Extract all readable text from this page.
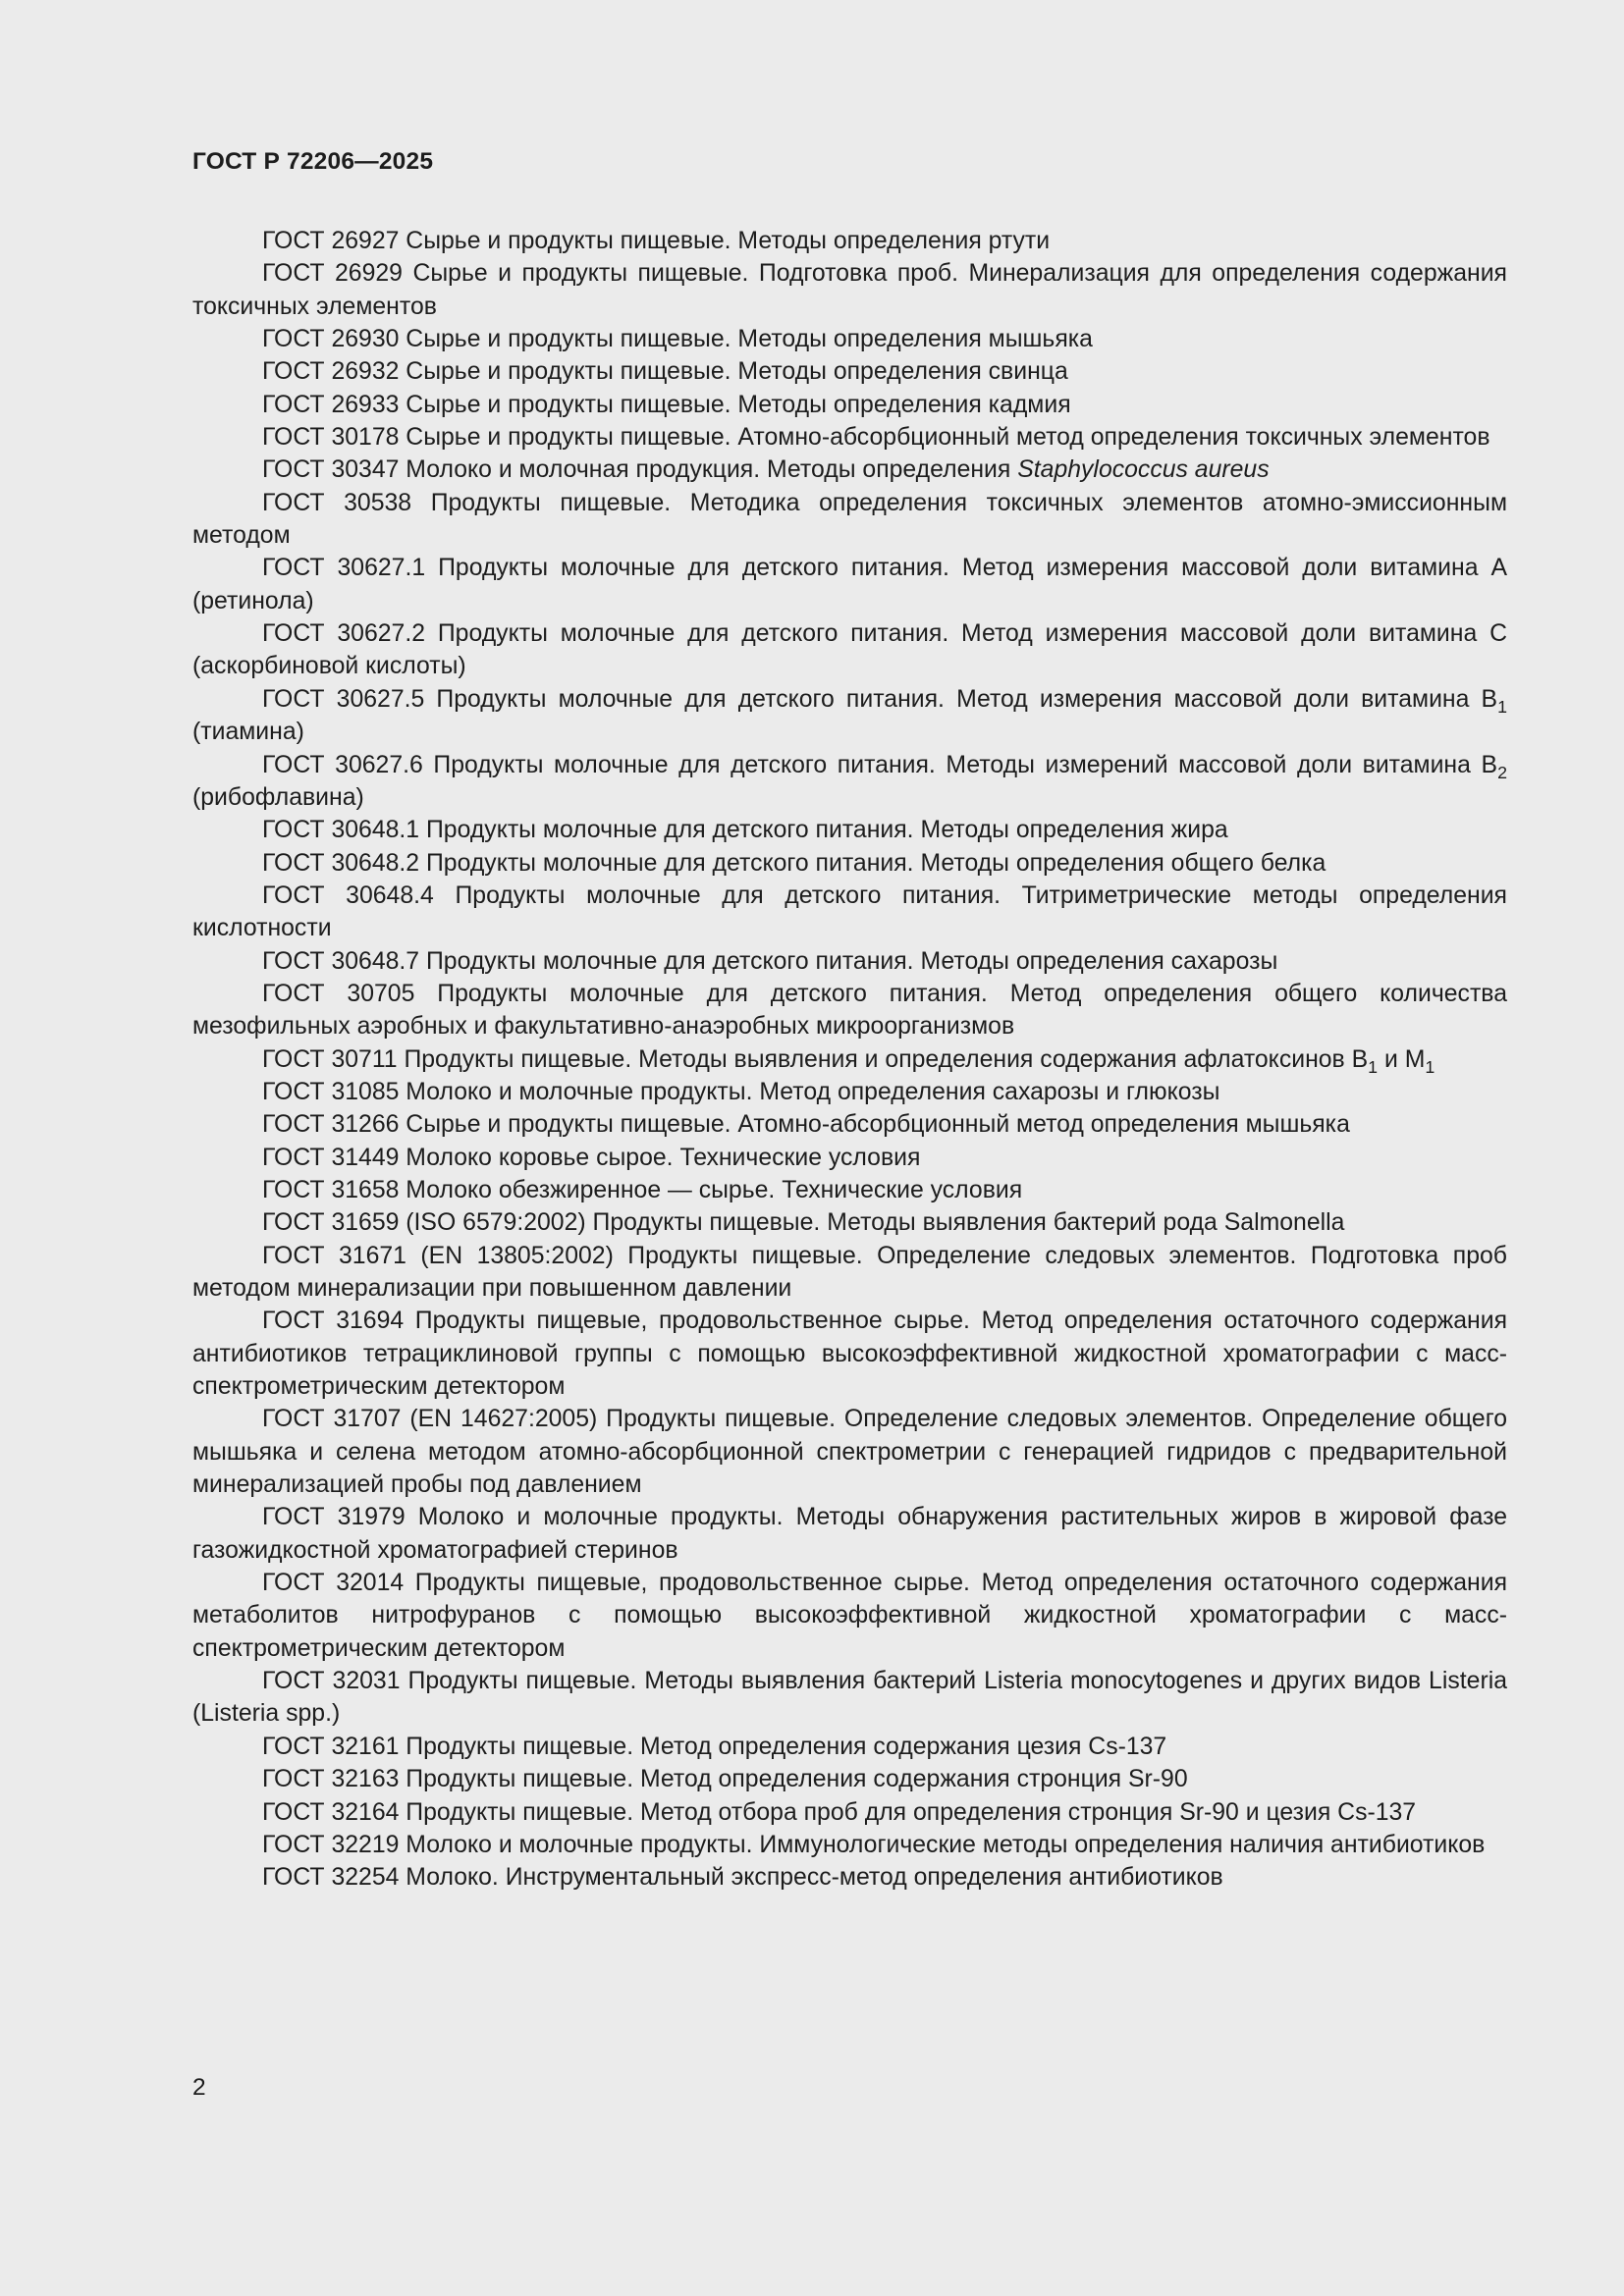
ГОСТ Р 72206—2025
ГОСТ 26927 Сырье и продукты пищевые. Методы определения ртути
ГОСТ 26929 Сырье и продукты пищевые. Подготовка проб. Минерализация для определения содержания токсичных элементов
ГОСТ 26930 Сырье и продукты пищевые. Методы определения мышьяка
ГОСТ 26932 Сырье и продукты пищевые. Методы определения свинца
ГОСТ 26933 Сырье и продукты пищевые. Методы определения кадмия
ГОСТ 30178 Сырье и продукты пищевые. Атомно-абсорбционный метод определения токсичных элементов
ГОСТ 30347 Молоко и молочная продукция. Методы определения Staphylococcus aureus
ГОСТ 30538 Продукты пищевые. Методика определения токсичных элементов атомно-эмиссионным методом
ГОСТ 30627.1 Продукты молочные для детского питания. Метод измерения массовой доли витамина А (ретинола)
ГОСТ 30627.2 Продукты молочные для детского питания. Метод измерения массовой доли витамина С (аскорбиновой кислоты)
ГОСТ 30627.5 Продукты молочные для детского питания. Метод измерения массовой доли витамина $В_1$ (тиамина)
ГОСТ 30627.6 Продукты молочные для детского питания. Методы измерений массовой доли витамина $В_2$ (рибофлавина)
ГОСТ 30648.1 Продукты молочные для детского питания. Методы определения жира
ГОСТ 30648.2 Продукты молочные для детского питания. Методы определения общего белка
ГОСТ 30648.4 Продукты молочные для детского питания. Титриметрические методы определения кислотности
ГОСТ 30648.7 Продукты молочные для детского питания. Методы определения сахарозы
ГОСТ 30705 Продукты молочные для детского питания. Метод определения общего количества мезофильных аэробных и факультативно-анаэробных микроорганизмов
ГОСТ 30711 Продукты пищевые. Методы выявления и определения содержания афлатоксинов $В_1$ и $М_1$
ГОСТ 31085 Молоко и молочные продукты. Метод определения сахарозы и глюкозы
ГОСТ 31266 Сырье и продукты пищевые. Атомно-абсорбционный метод определения мышьяка
ГОСТ 31449 Молоко коровье сырое. Технические условия
ГОСТ 31658 Молоко обезжиренное — сырье. Технические условия
ГОСТ 31659 (ISO 6579:2002) Продукты пищевые. Методы выявления бактерий рода Salmonella
ГОСТ 31671 (EN 13805:2002) Продукты пищевые. Определение следовых элементов. Подготовка проб методом минерализации при повышенном давлении
ГОСТ 31694 Продукты пищевые, продовольственное сырье. Метод определения остаточного содержания антибиотиков тетрациклиновой группы с помощью высокоэффективной жидкостной хроматографии с масс-спектрометрическим детектором
ГОСТ 31707 (EN 14627:2005) Продукты пищевые. Определение следовых элементов. Определение общего мышьяка и селена методом атомно-абсорбционной спектрометрии с генерацией гидридов с предварительной минерализацией пробы под давлением
ГОСТ 31979 Молоко и молочные продукты. Методы обнаружения растительных жиров в жировой фазе газожидкостной хроматографией стеринов
ГОСТ 32014 Продукты пищевые, продовольственное сырье. Метод определения остаточного содержания метаболитов нитрофуранов с помощью высокоэффективной жидкостной хроматографии с масс-спектрометрическим детектором
ГОСТ 32031 Продукты пищевые. Методы выявления бактерий Listeria monocytogenes и других видов Listeria (Listeria spp.)
ГОСТ 32161 Продукты пищевые. Метод определения содержания цезия Cs-137
ГОСТ 32163 Продукты пищевые. Метод определения содержания стронция Sr-90
ГОСТ 32164 Продукты пищевые. Метод отбора проб для определения стронция Sr-90 и цезия Cs-137
ГОСТ 32219 Молоко и молочные продукты. Иммунологические методы определения наличия антибиотиков
ГОСТ 32254 Молоко. Инструментальный экспресс-метод определения антибиотиков

2
